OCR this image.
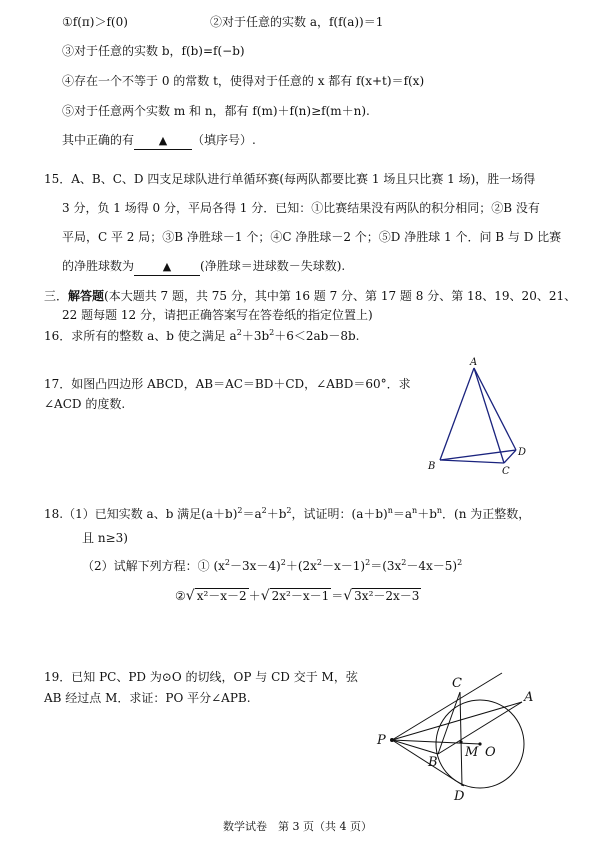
①f(π)＞f(0)	②对于任意的实数 a，f(f(a))＝1
③对于任意的实数 b，f(b)=f(−b)
④存在一个不等于 0 的常数 t，使得对于任意的 x 都有 f(x+t)＝f(x)
⑤对于任意两个实数 m 和 n，都有 f(m)＋f(n)≥f(m＋n).
其中正确的有 ▲ （填序号）.
15．A、B、C、D 四支足球队进行单循环赛(每两队都要比赛 1 场且只比赛 1 场)，胜一场得
3 分，负 1 场得 0 分，平局各得 1 分．已知：①比赛结果没有两队的积分相同；②B 没有
平局，C 平 2 局；③B 净胜球－1 个；④C 净胜球－2 个；⑤D 净胜球 1 个．问 B 与 D 比赛
的净胜球数为	▲ (净胜球＝进球数－失球数).
三．解答题(本大题共 7 题，共 75 分，其中第 16 题 7 分、第 17 题 8 分、第 18、19、20、21、
22 题每题 12 分，请把正确答案写在答卷纸的指定位置上)
16．求所有的整数 a、b 使之满足 $a^2+3b^2+6<2ab-8b$.
17．如图凸四边形 ABCD，AB＝AC＝BD＋CD，∠ABD＝60°．求
∠ACD 的度数.
A
B	C
D
18.（1）已知实数 a、b 满足$(a+b)^2=a^2+b^2$，试证明：$(a+b)^n=a^n+b^n$．(n 为正整数，
且 n≥3)
（2）试解下列方程：① $(x^2-3x-4)^2+(2x^2-x-1)^2=(3x^2-4x-5)^2$
②√ x²－x－2 ＋√ 2x²－x－1 ＝√ 3x²－2x－3
19．已知 PC、PD 为⊙O 的切线，OP 与 CD 交于 M，弦
AB 经过点 M．求证：PO 平分∠APB.
C
A
P
M O
B
D
数学试卷　第 3 页（共 4 页）
